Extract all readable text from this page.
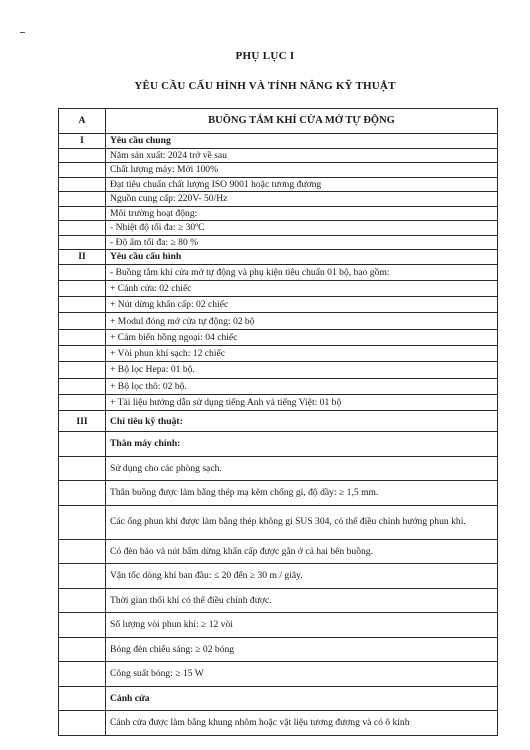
PHỤ LỤC I
YÊU CẦU CẤU HÌNH VÀ TÍNH NĂNG KỸ THUẬT
A	BUỒNG TẮM KHÍ CỬA MỞ TỰ ĐỘNG
I	Yêu cầu chung
	Năm sản xuất: 2024 trở về sau
	Chất lượng máy: Mới 100%
	Đạt tiêu chuẩn chất lượng ISO 9001 hoặc tương đương
	Nguồn cung cấp: 220V- 50/Hz
	Môi trường hoạt động:
	- Nhiệt độ tối đa: ≥ 30ºC
	- Độ ẩm tối đa: ≥ 80 %
II	Yêu cầu cấu hình
	- Buồng tắm khí cửa mở tự động và phụ kiện tiêu chuẩn 01 bộ, bao gồm:
	+ Cánh cửa: 02 chiếc
	+ Nút dừng khẩn cấp: 02 chiếc
	+ Modul đóng mở cửa tự động: 02 bộ
	+ Cảm biến hồng ngoại: 04 chiếc
	+ Vòi phun khí sạch: 12 chiếc
	+ Bộ lọc Hepa: 01 bộ.
	+ Bộ lọc thô: 02 bộ.
	+ Tài liệu hướng dẫn sử dụng tiếng Anh và tiếng Việt: 01 bộ
III	Chỉ tiêu kỹ thuật:
	Thân máy chính:
	Sử dụng cho các phòng sạch.
	Thân buồng được làm bằng thép mạ kẽm chống gỉ, độ dầy: ≥ 1,5 mm.
	Các ống phun khí được làm bằng thép không gỉ SUS 304, có thể điều chỉnh hướng phun khí.
	Có đèn báo và nút bấm dừng khẩn cấp được gắn ở cả hai bên buồng.
	Vận tốc dòng khí ban đầu: ≤ 20 đến ≥ 30 m / giây.
	Thời gian thổi khí có thể điều chỉnh được.
	Số lượng vòi phun khí: ≥ 12 vòi
	Bóng đèn chiếu sáng: ≥ 02 bóng
	Công suất bóng: ≥ 15 W
	Cánh cửa
	Cánh cửa được làm bằng khung nhôm hoặc vật liệu tương đương và có ô kính
